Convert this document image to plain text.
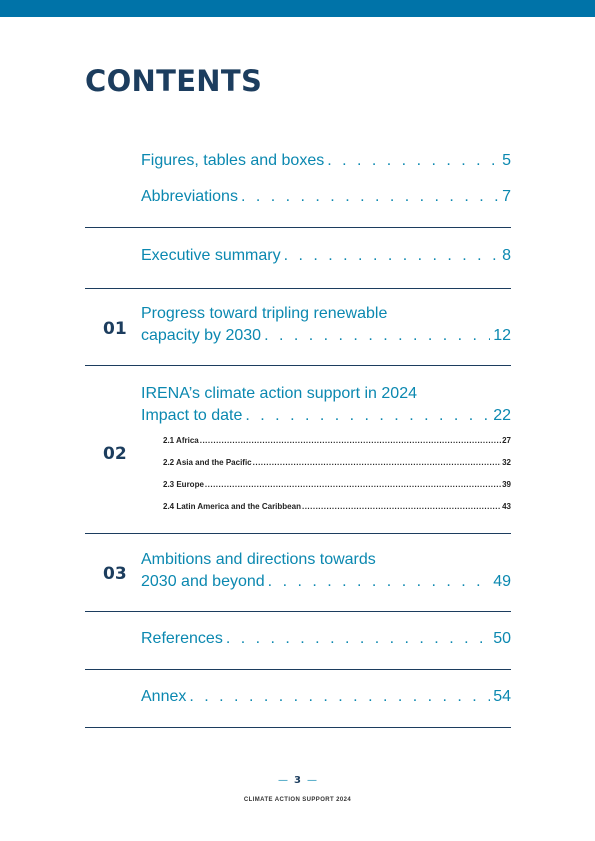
CONTENTS
Figures, tables and boxes . . .	5
Abbreviations . . .	7
Executive summary . . .	8
01
Progress toward tripling renewable
capacity by 2030 . . .	12
02
IRENA’s climate action support in 2024
Impact to date . . .	22
2.1 Africa .....	27
2.2 Asia and the Pacific .....	32
2.3 Europe .....	39
2.4 Latin America and the Caribbean .....	43
03
Ambitions and directions towards
2030 and beyond . . .	49
References . . .	50
Annex . . .	54
— 3 —
CLIMATE ACTION SUPPORT 2024
